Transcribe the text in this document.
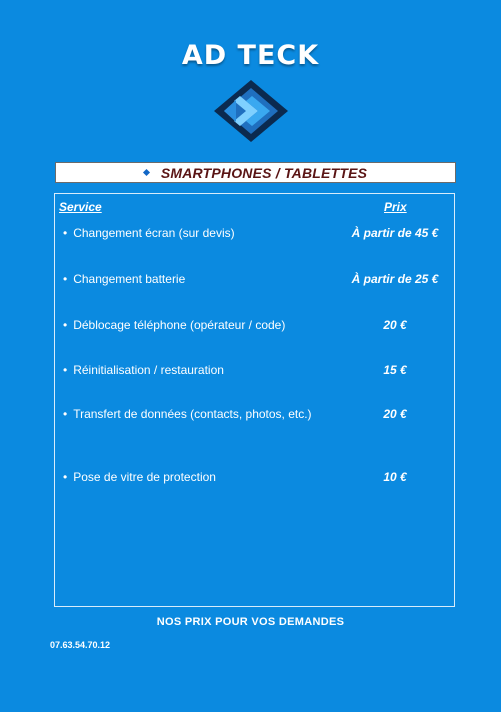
AD TECK
SMARTPHONES / TABLETTES
Service	Prix
• Changement écran (sur devis)	À partir de 45 €
• Changement batterie	À partir de 25 €
• Déblocage téléphone (opérateur / code)	20 €
• Réinitialisation / restauration	15 €
• Transfert de données (contacts, photos, etc.)	20 €
• Pose de vitre de protection	10 €
NOS PRIX POUR VOS DEMANDES
07.63.54.70.12
